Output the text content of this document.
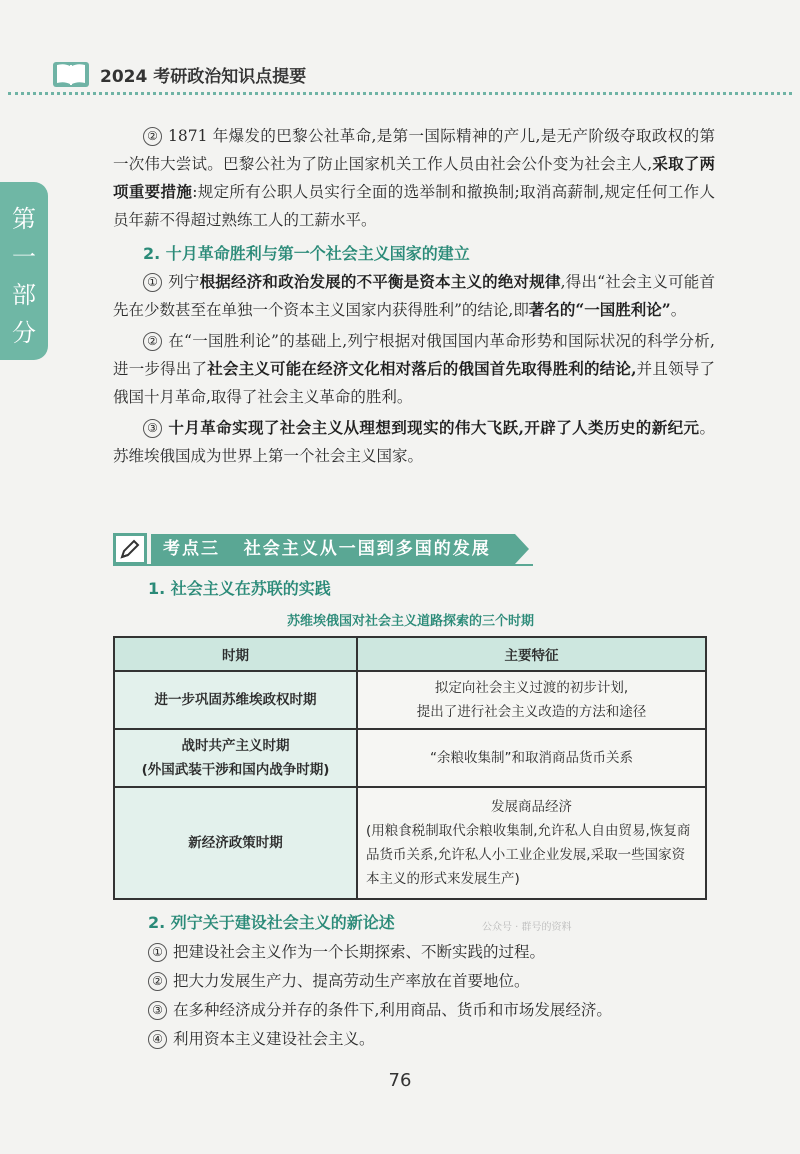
2024 考研政治知识点提要
第
一
部
分

② 1871 年爆发的巴黎公社革命,是第一国际精神的产儿,是无产阶级夺取政权的第一次伟大尝试。巴黎公社为了防止国家机关工作人员由社会公仆变为社会主人,采取了两项重要措施:规定所有公职人员实行全面的选举制和撤换制;取消高薪制,规定任何工作人员年薪不得超过熟练工人的工薪水平。

2. 十月革命胜利与第一个社会主义国家的建立

① 列宁根据经济和政治发展的不平衡是资本主义的绝对规律,得出“社会主义可能首先在少数甚至在单独一个资本主义国家内获得胜利”的结论,即著名的“一国胜利论”。

② 在“一国胜利论”的基础上,列宁根据对俄国国内革命形势和国际状况的科学分析,进一步得出了社会主义可能在经济文化相对落后的俄国首先取得胜利的结论,并且领导了俄国十月革命,取得了社会主义革命的胜利。

③ 十月革命实现了社会主义从理想到现实的伟大飞跃,开辟了人类历史的新纪元。苏维埃俄国成为世界上第一个社会主义国家。

考点三 社会主义从一国到多国的发展
1. 社会主义在苏联的实践
苏维埃俄国对社会主义道路探索的三个时期
时期	主要特征
进一步巩固苏维埃政权时期	拟定向社会主义过渡的初步计划,
提出了进行社会主义改造的方法和途径

战时共产主义时期
(外国武装干涉和国内战争时期)	“余粮收集制”和取消商品货币关系
新经济政策时期	发展商品经济
(用粮食税制取代余粮收集制,允许私人自由贸易,恢复商品货币关系,允许私人小工业企业发展,采取一些国家资本主义的形式来发展生产)
公众号 · 群号的资料
2. 列宁关于建设社会主义的新论述
① 把建设社会主义作为一个长期探索、不断实践的过程。
② 把大力发展生产力、提高劳动生产率放在首要地位。
③ 在多种经济成分并存的条件下,利用商品、货币和市场发展经济。
④ 利用资本主义建设社会主义。
76
